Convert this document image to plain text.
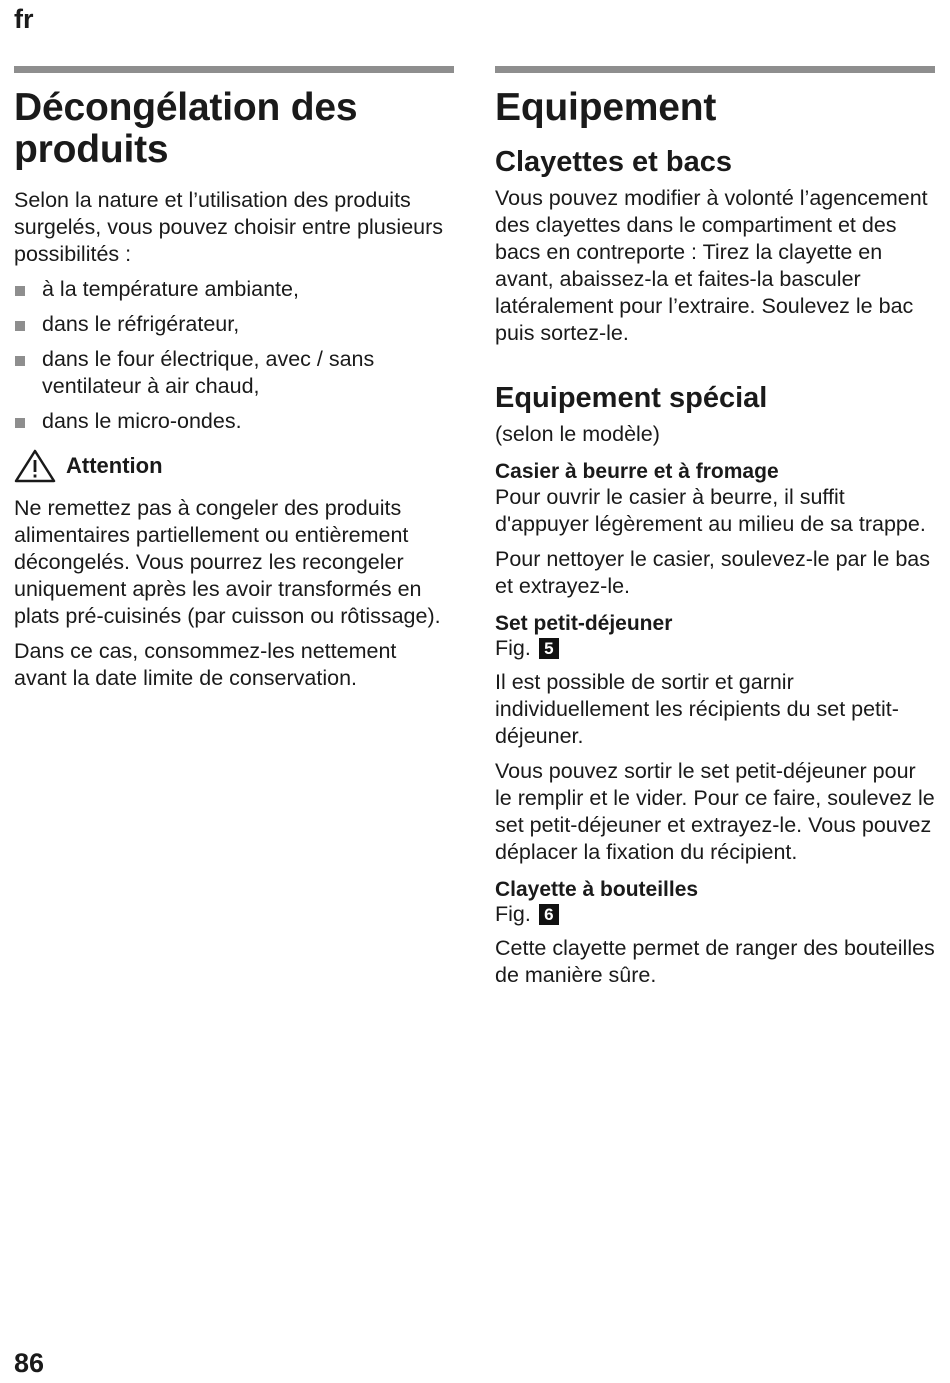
fr
Décongélation des produits

Selon la nature et l’utilisation des produits surgelés, vous pouvez choisir entre plusieurs possibilités :

à la température ambiante,
dans le réfrigérateur,
dans le four électrique, avec / sans ventilateur à air chaud,
dans le micro-ondes.
Attention

Ne remettez pas à congeler des produits alimentaires partiellement ou entièrement décongelés. Vous pourrez les recongeler uniquement après les avoir transformés en plats pré-cuisinés (par cuisson ou rôtissage).

Dans ce cas, consommez-les nettement avant la date limite de conservation.

Equipement
Clayettes et bacs

Vous pouvez modifier à volonté l’agencement des clayettes dans le compartiment et des bacs en contreporte : Tirez la clayette en avant, abaissez-la et faites-la basculer latéralement pour l’extraire. Soulevez le bac puis sortez-le.

Equipement spécial

(selon le modèle)

Casier à beurre et à fromage

Pour ouvrir le casier à beurre, il suffit d'appuyer légèrement au milieu de sa trappe.

Pour nettoyer le casier, soulevez-le par le bas et extrayez-le.

Set petit-déjeuner
Fig. 5

Il est possible de sortir et garnir individuellement les récipients du set petit-déjeuner.

Vous pouvez sortir le set petit-déjeuner pour le remplir et le vider. Pour ce faire, soulevez le set petit-déjeuner et extrayez-le. Vous pouvez déplacer la fixation du récipient.

Clayette à bouteilles
Fig. 6

Cette clayette permet de ranger des bouteilles de manière sûre.

86
